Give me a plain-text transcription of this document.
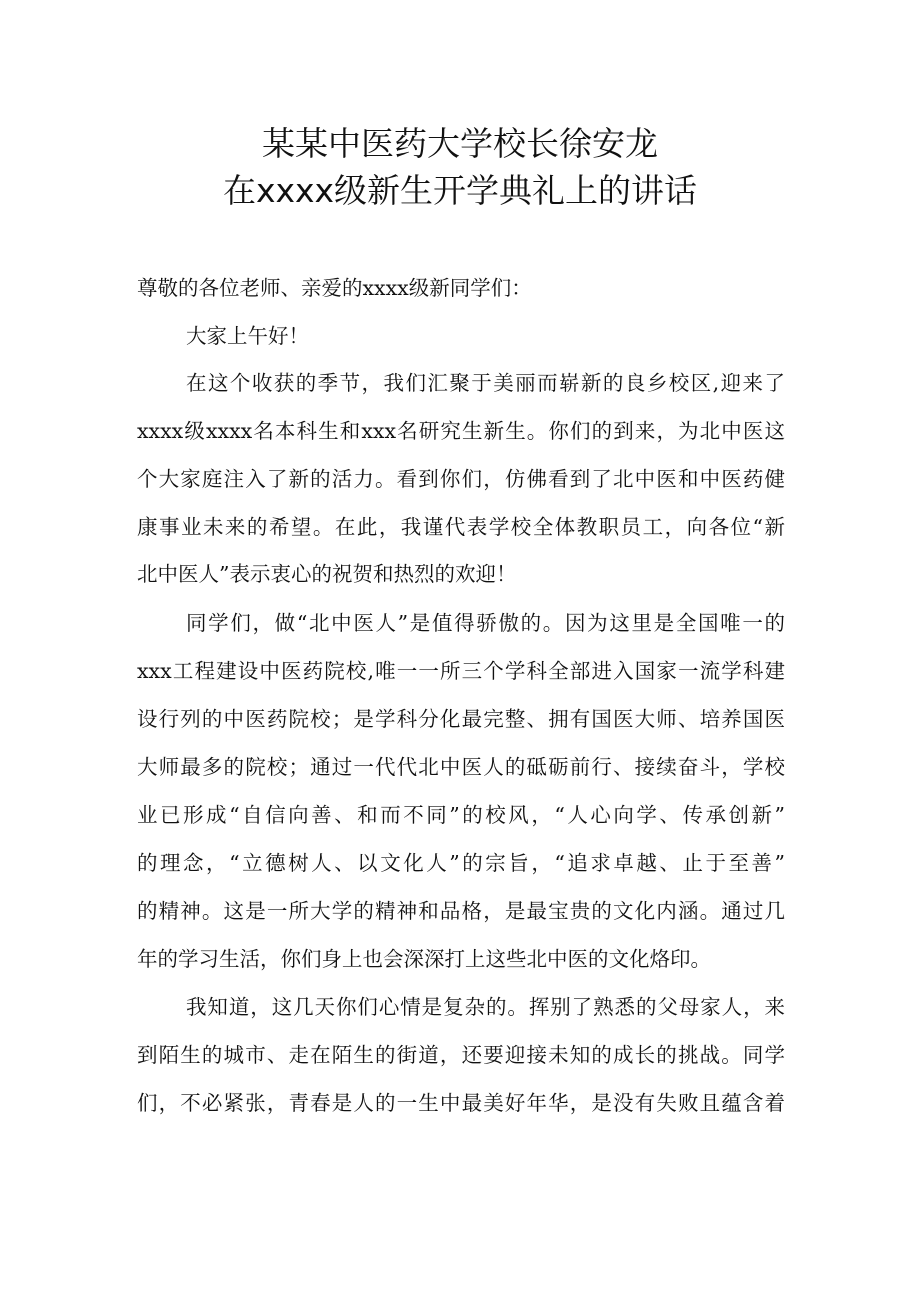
某某中医药大学校长徐安龙
在xxxx级新生开学典礼上的讲话
尊敬的各位老师、亲爱的xxxx级新同学们：
大家上午好！
在这个收获的季节，我们汇聚于美丽而崭新的良乡校区,迎来了
xxxx级xxxx名本科生和xxx名研究生新生。你们的到来，为北中医这
个大家庭注入了新的活力。看到你们，仿佛看到了北中医和中医药健
康事业未来的希望。在此，我谨代表学校全体教职员工，向各位“新
北中医人”表示衷心的祝贺和热烈的欢迎！
同学们，做“北中医人”是值得骄傲的。因为这里是全国唯一的
xxx工程建设中医药院校,唯一一所三个学科全部进入国家一流学科建
设行列的中医药院校；是学科分化最完整、拥有国医大师、培养国医
大师最多的院校；通过一代代北中医人的砥砺前行、接续奋斗，学校
业已形成“自信向善、和而不同”的校风，“人心向学、传承创新”
的理念，“立德树人、以文化人”的宗旨，“追求卓越、止于至善”
的精神。这是一所大学的精神和品格，是最宝贵的文化内涵。通过几
年的学习生活，你们身上也会深深打上这些北中医的文化烙印。
我知道，这几天你们心情是复杂的。挥别了熟悉的父母家人，来
到陌生的城市、走在陌生的街道，还要迎接未知的成长的挑战。同学
们，不必紧张，青春是人的一生中最美好年华，是没有失败且蕴含着
